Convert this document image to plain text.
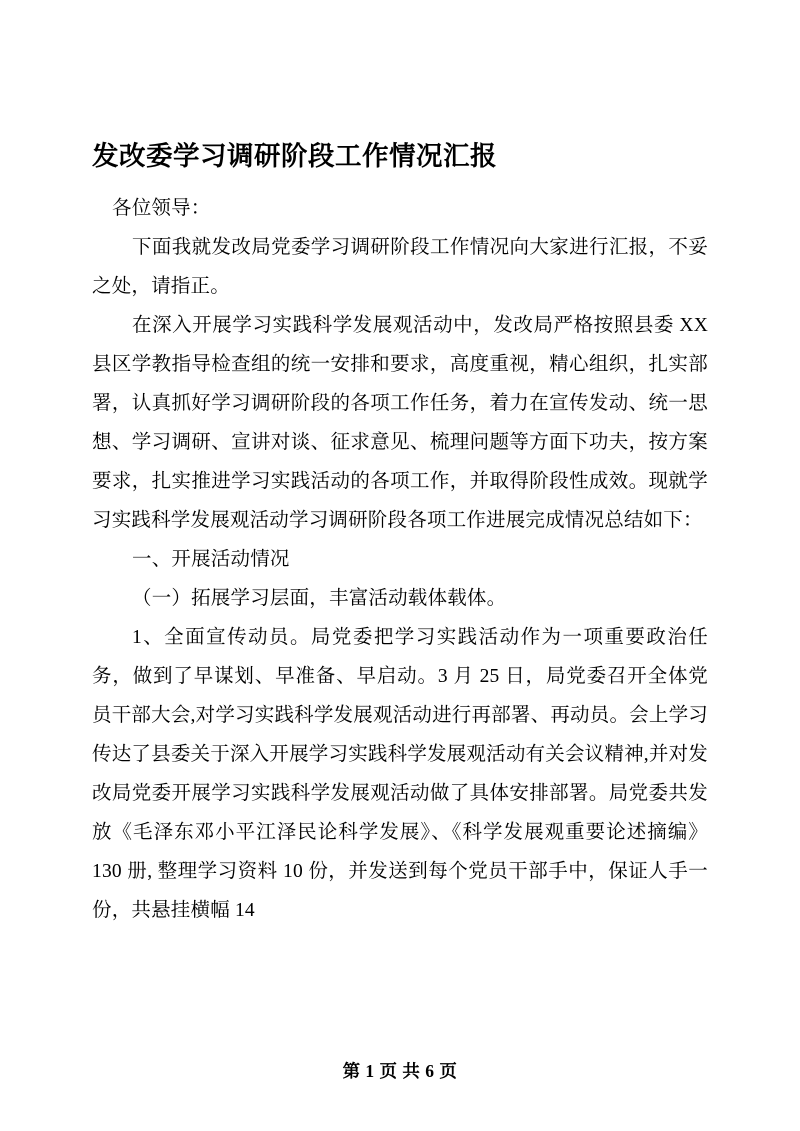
发改委学习调研阶段工作情况汇报

各位领导：

下面我就发改局党委学习调研阶段工作情况向大家进行汇报，不妥之处，请指正。

在深入开展学习实践科学发展观活动中，发改局严格按照县委 XX 县区学教指导检查组的统一安排和要求，高度重视，精心组织，扎实部署，认真抓好学习调研阶段的各项工作任务，着力在宣传发动、统一思想、学习调研、宣讲对谈、征求意见、梳理问题等方面下功夫，按方案要求，扎实推进学习实践活动的各项工作，并取得阶段性成效。现就学习实践科学发展观活动学习调研阶段各项工作进展完成情况总结如下：

一、开展活动情况

（一）拓展学习层面，丰富活动载体载体。

1、全面宣传动员。局党委把学习实践活动作为一项重要政治任务，做到了早谋划、早准备、早启动。3 月 25 日，局党委召开全体党员干部大会,对学习实践科学发展观活动进行再部署、再动员。会上学习传达了县委关于深入开展学习实践科学发展观活动有关会议精神,并对发改局党委开展学习实践科学发展观活动做了具体安排部署。局党委共发放《毛泽东邓小平江泽民论科学发展》、《科学发展观重要论述摘编》130 册, 整理学习资料 10 份，并发送到每个党员干部手中，保证人手一份，共悬挂横幅 14

第 1 页 共 6 页
